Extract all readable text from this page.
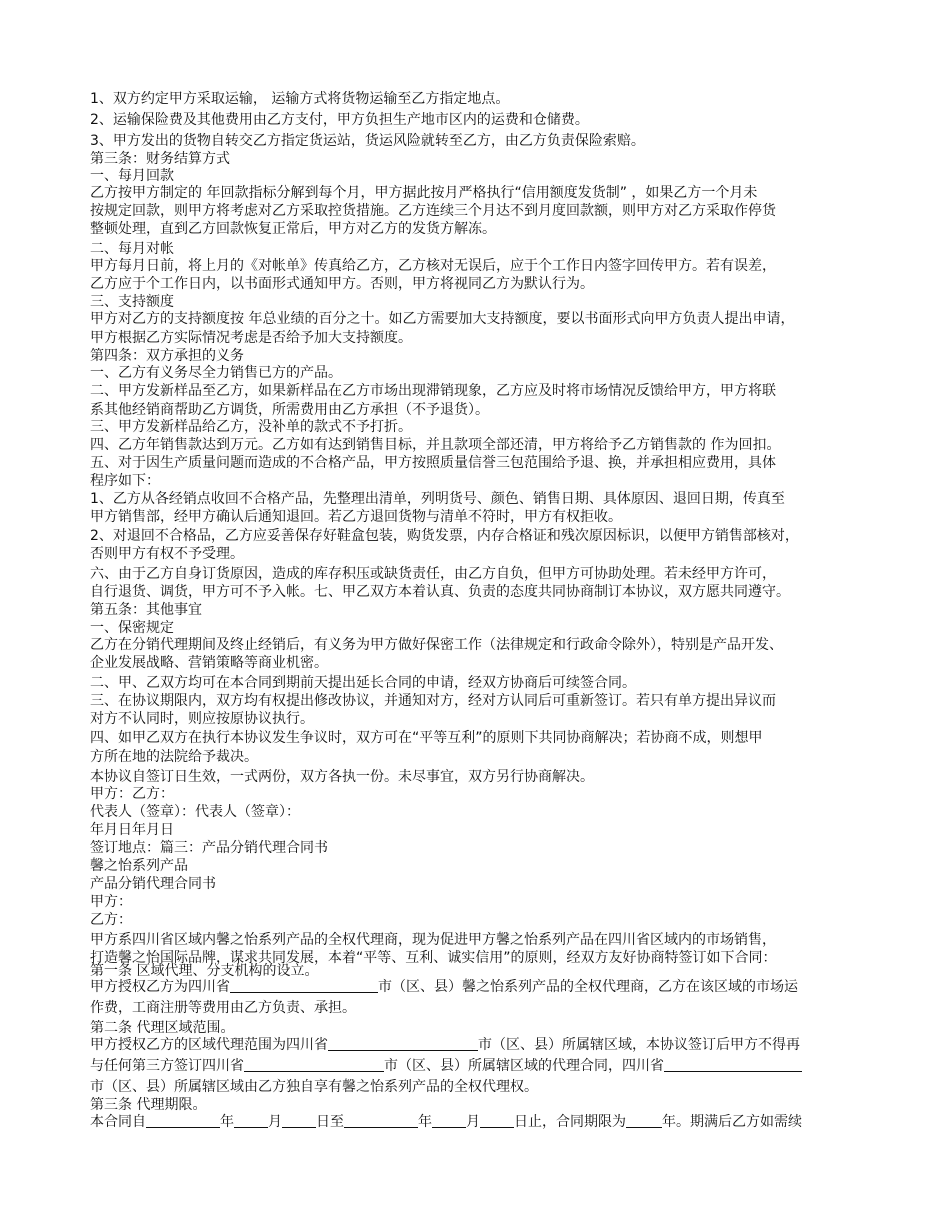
1、双方约定甲方采取运输， 运输方式将货物运输至乙方指定地点。
2、运输保险费及其他费用由乙方支付，甲方负担生产地市区内的运费和仓储费。
3、甲方发出的货物自转交乙方指定货运站，货运风险就转至乙方，由乙方负责保险索赔。
第三条：财务结算方式
一、每月回款
乙方按甲方制定的 年回款指标分解到每个月，甲方据此按月严格执行“信用额度发货制” ，如果乙方一个月未
按规定回款，则甲方将考虑对乙方采取控货措施。乙方连续三个月达不到月度回款额，则甲方对乙方采取作停货
整顿处理，直到乙方回款恢复正常后，甲方对乙方的发货方解冻。
二、每月对帐
甲方每月日前，将上月的《对帐单》传真给乙方，乙方核对无误后，应于个工作日内签字回传甲方。若有误差，
乙方应于个工作日内，以书面形式通知甲方。否则，甲方将视同乙方为默认行为。
三、支持额度
甲方对乙方的支持额度按 年总业绩的百分之十。如乙方需要加大支持额度，要以书面形式向甲方负责人提出申请，
甲方根据乙方实际情况考虑是否给予加大支持额度。
第四条：双方承担的义务
一、乙方有义务尽全力销售已方的产品。
二、甲方发新样品至乙方，如果新样品在乙方市场出现滞销现象，乙方应及时将市场情况反馈给甲方，甲方将联
系其他经销商帮助乙方调货，所需费用由乙方承担（不予退货）。
三、甲方发新样品给乙方，没补单的款式不予打折。
四、乙方年销售款达到万元。乙方如有达到销售目标，并且款项全部还清，甲方将给予乙方销售款的 作为回扣。
五、对于因生产质量问题而造成的不合格产品，甲方按照质量信誉三包范围给予退、换，并承担相应费用，具体
程序如下：
1、乙方从各经销点收回不合格产品，先整理出清单，列明货号、颜色、销售日期、具体原因、退回日期，传真至
甲方销售部，经甲方确认后通知退回。若乙方退回货物与清单不符时，甲方有权拒收。
2、对退回不合格品，乙方应妥善保存好鞋盒包装，购货发票，内存合格证和残次原因标识，以便甲方销售部核对，
否则甲方有权不予受理。
六、由于乙方自身订货原因，造成的库存积压或缺货责任，由乙方自负，但甲方可协助处理。若未经甲方许可，
自行退货、调货，甲方可不予入帐。七、甲乙双方本着认真、负责的态度共同协商制订本协议，双方愿共同遵守。
第五条：其他事宜
一、保密规定
乙方在分销代理期间及终止经销后，有义务为甲方做好保密工作（法律规定和行政命令除外），特别是产品开发、
企业发展战略、营销策略等商业机密。
二、甲、乙双方均可在本合同到期前天提出延长合同的申请，经双方协商后可续签合同。
三、在协议期限内，双方均有权提出修改协议，并通知对方，经对方认同后可重新签订。若只有单方提出异议而
对方不认同时，则应按原协议执行。
四、如甲乙双方在执行本协议发生争议时，双方可在“平等互利”的原则下共同协商解决；若协商不成，则想甲
方所在地的法院给予裁决。
本协议自签订日生效，一式两份，双方各执一份。未尽事宜，双方另行协商解决。
甲方：乙方：
代表人（签章）：代表人（签章）：
年月日年月日
签订地点：篇三：产品分销代理合同书
馨之怡系列产品
产品分销代理合同书
甲方：
乙方：
甲方系四川省区域内馨之怡系列产品的全权代理商，现为促进甲方馨之怡系列产品在四川省区域内的市场销售，
打造馨之怡国际品牌，谋求共同发展，本着“平等、互利、诚实信用”的原则，经双方友好协商特签订如下合同：
第一条 区域代理、分支机构的设立。
甲方授权乙方为四川省	市（区、县）馨之怡系列产品的全权代理商，乙方在该区域的市场运
作费，工商注册等费用由乙方负责、承担。
第二条 代理区域范围。
甲方授权乙方的区域代理范围为四川省	市（区、县）所属辖区域，本协议签订后甲方不得再
与任何第三方签订四川省	市（区、县）所属辖区域的代理合同，四川省
市（区、县）所属辖区域由乙方独自享有馨之怡系列产品的全权代理权。
第三条 代理期限。
本合同自	年 月 日至	年 月 日止，合同期限为	年。期满后乙方如需续
